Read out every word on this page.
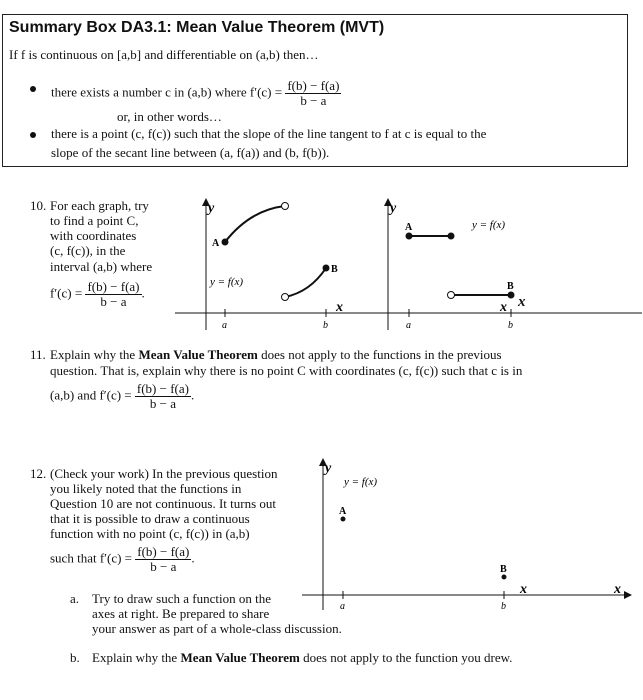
Summary Box DA3.1: Mean Value Theorem (MVT)
If f is continuous on [a,b] and differentiable on (a,b) then…
there exists a number c in (a,b) where $f'(c) = \frac{f(b) - f(a)}{b - a}$
or, in other words…
there is a point (c, f(c)) such that the slope of the line tangent to f at c is equal to the
slope of the secant line between (a, f(a)) and (b, f(b)).
10. For each graph, try
to find a point C,
with coordinates
(c, f(c)), in the
interval (a,b) where
$f'(c) = \frac{f(b) - f(a)}{b - a}$ .
y
A
B
y = f(x)
x
a	b
y
A
B
y = f(x)
x
a	b
x
11. Explain why the Mean Value Theorem does not apply to the functions in the previous
question. That is, explain why there is no point C with coordinates (c, f(c)) such that c is in
(a,b) and $f'(c) = \frac{f(b) - f(a)}{b - a}$ .
12. (Check your work) In the previous question
you likely noted that the functions in
Question 10 are not continuous. It turns out
that it is possible to draw a continuous
function with no point (c, f(c)) in (a,b)
such that $f'(c) = \frac{f(b) - f(a)}{b - a}$ .
y
y = f(x)
A
B
x	x
a	b
a. Try to draw such a function on the
axes at right. Be prepared to share
your answer as part of a whole-class discussion.
b. Explain why the Mean Value Theorem does not apply to the function you drew.
